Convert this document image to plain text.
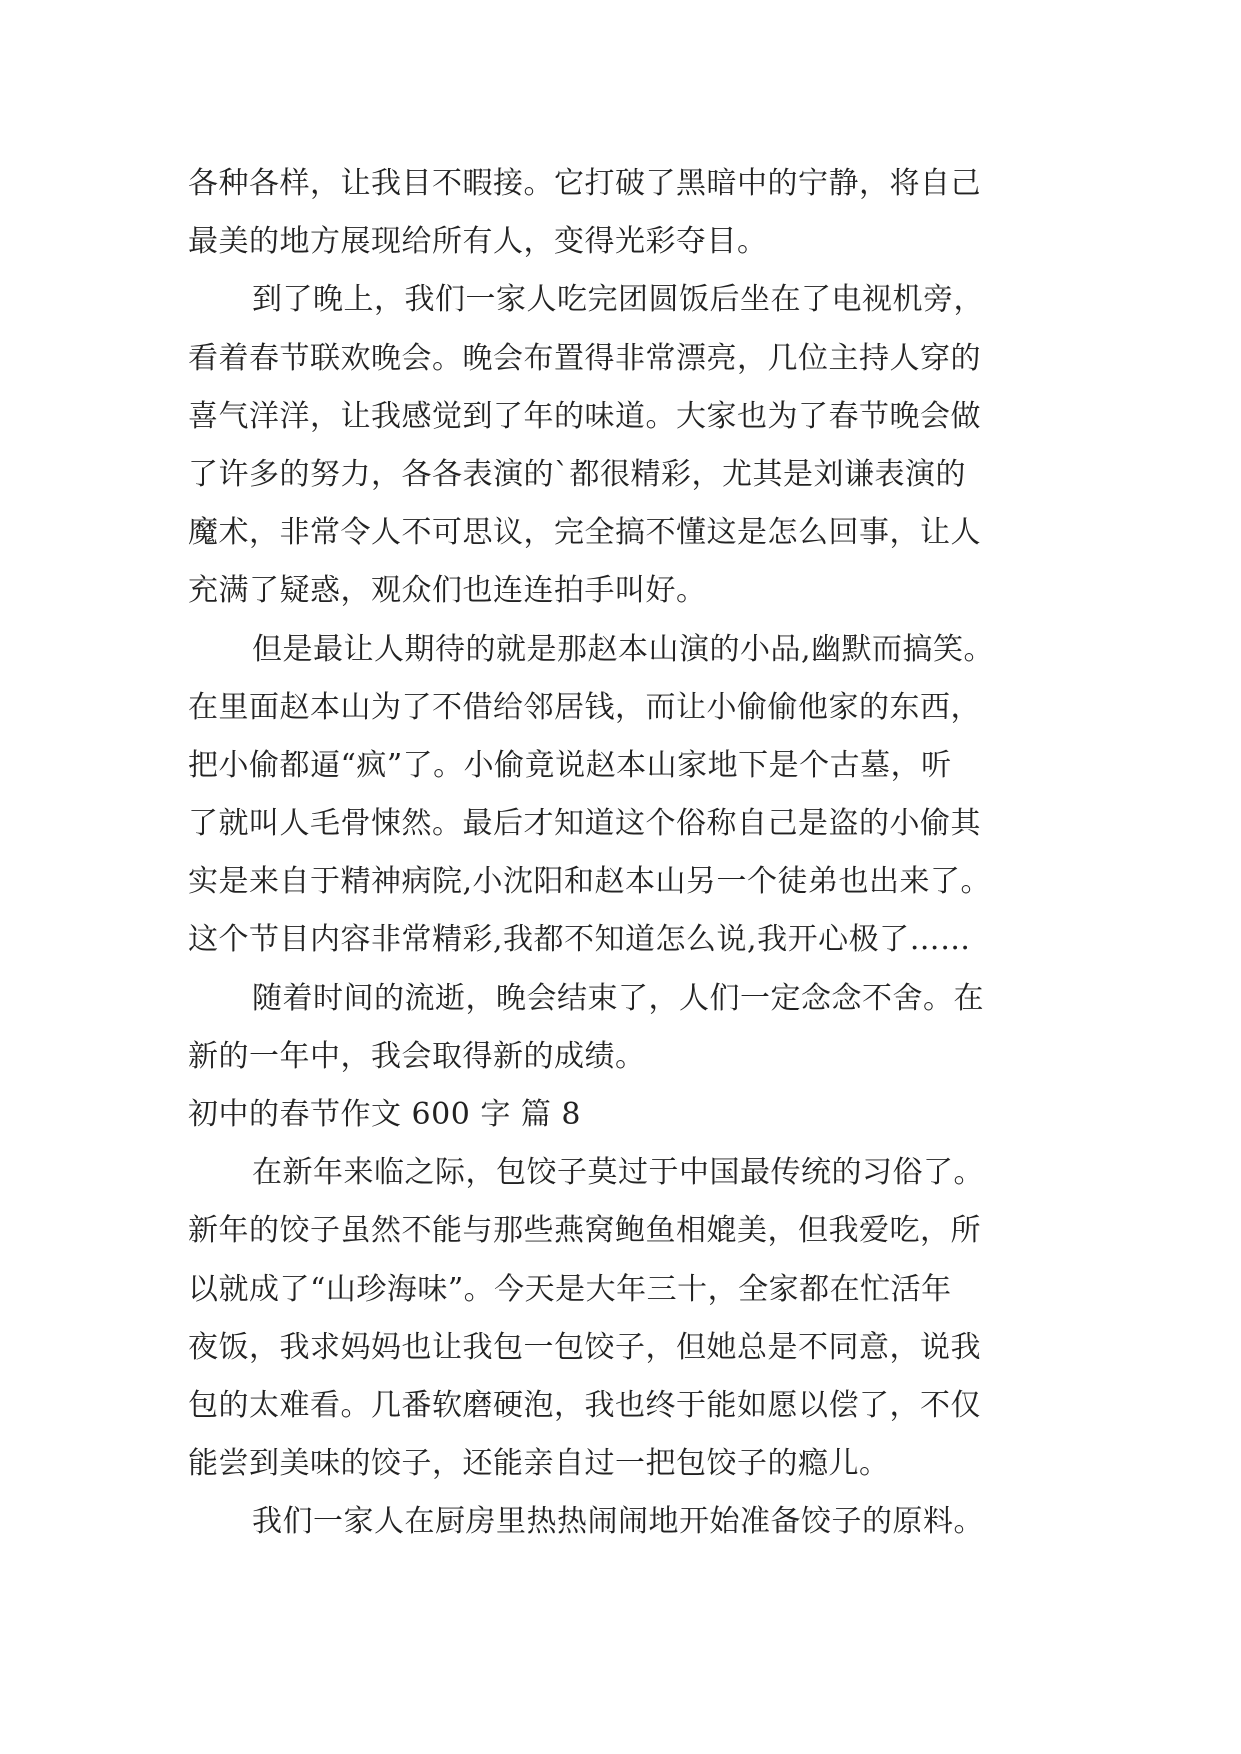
各种各样，让我目不暇接。它打破了黑暗中的宁静，将自己
最美的地方展现给所有人，变得光彩夺目。
到了晚上，我们一家人吃完团圆饭后坐在了电视机旁，
看着春节联欢晚会。晚会布置得非常漂亮，几位主持人穿的
喜气洋洋，让我感觉到了年的味道。大家也为了春节晚会做
了许多的努力，各各表演的`都很精彩，尤其是刘谦表演的
魔术，非常令人不可思议，完全搞不懂这是怎么回事，让人
充满了疑惑，观众们也连连拍手叫好。
但是最让人期待的就是那赵本山演的小品,幽默而搞笑。
在里面赵本山为了不借给邻居钱，而让小偷偷他家的东西，
把小偷都逼“疯”了。小偷竟说赵本山家地下是个古墓，听
了就叫人毛骨悚然。最后才知道这个俗称自己是盗的小偷其
实是来自于精神病院,小沈阳和赵本山另一个徒弟也出来了。
这个节目内容非常精彩,我都不知道怎么说,我开心极了……
随着时间的流逝，晚会结束了，人们一定念念不舍。在
新的一年中，我会取得新的成绩。
初中的春节作文 600 字 篇 8
在新年来临之际，包饺子莫过于中国最传统的习俗了。
新年的饺子虽然不能与那些燕窝鲍鱼相媲美，但我爱吃，所
以就成了“山珍海味”。今天是大年三十，全家都在忙活年
夜饭，我求妈妈也让我包一包饺子，但她总是不同意，说我
包的太难看。几番软磨硬泡，我也终于能如愿以偿了，不仅
能尝到美味的饺子，还能亲自过一把包饺子的瘾儿。
我们一家人在厨房里热热闹闹地开始准备饺子的原料。
